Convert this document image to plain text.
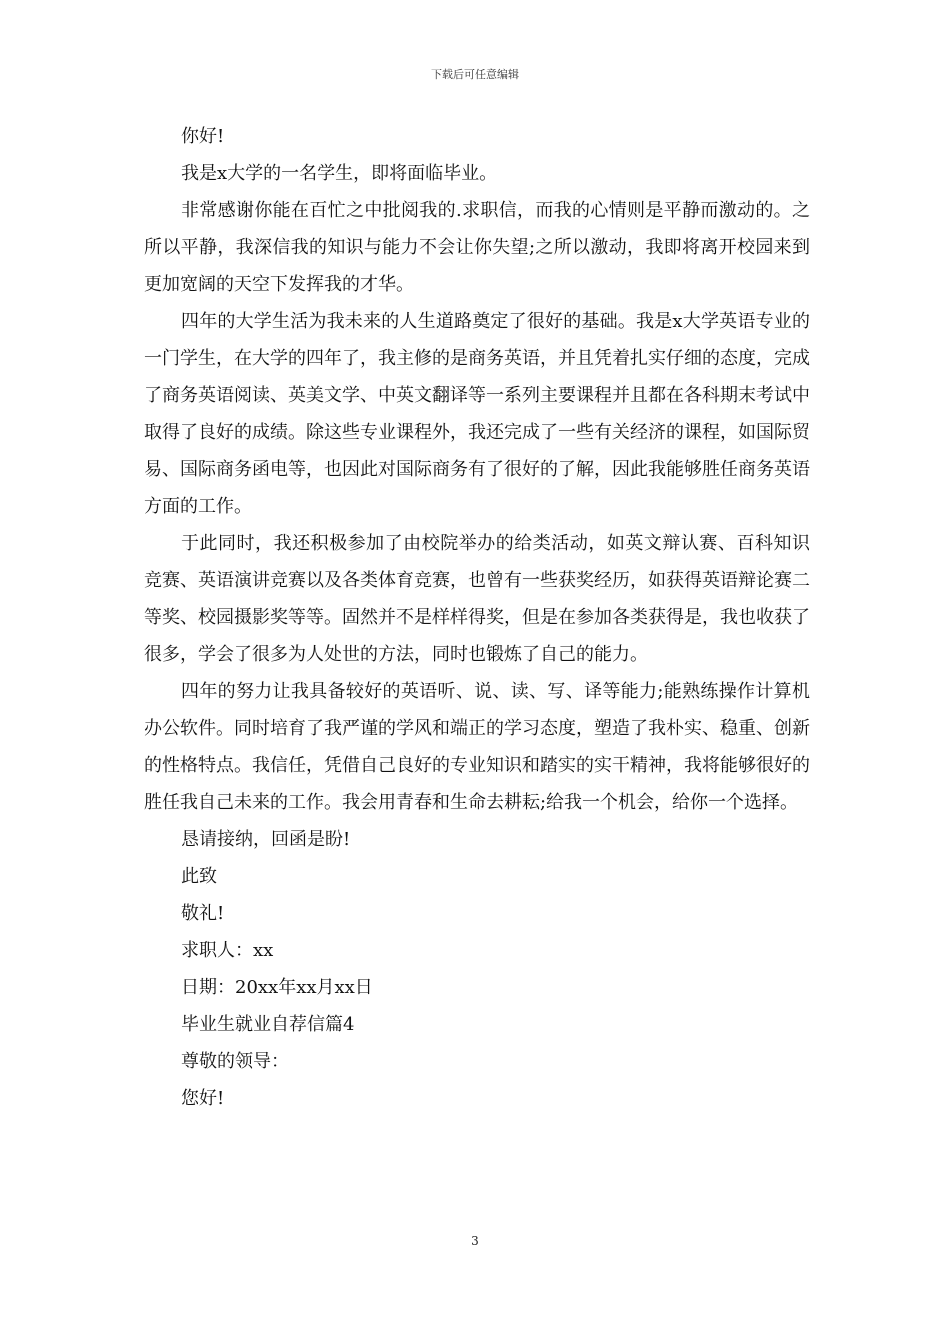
下载后可任意编辑

你好!

我是x大学的一名学生，即将面临毕业。

非常感谢你能在百忙之中批阅我的.求职信，而我的心情则是平静而激动的。之所以平静，我深信我的知识与能力不会让你失望;之所以激动，我即将离开校园来到更加宽阔的天空下发挥我的才华。

四年的大学生活为我未来的人生道路奠定了很好的基础。我是x大学英语专业的一门学生，在大学的四年了，我主修的是商务英语，并且凭着扎实仔细的态度，完成了商务英语阅读、英美文学、中英文翻译等一系列主要课程并且都在各科期末考试中取得了良好的成绩。除这些专业课程外，我还完成了一些有关经济的课程，如国际贸易、国际商务函电等，也因此对国际商务有了很好的了解，因此我能够胜任商务英语方面的工作。

于此同时，我还积极参加了由校院举办的给类活动，如英文辩认赛、百科知识竞赛、英语演讲竞赛以及各类体育竞赛，也曾有一些获奖经历，如获得英语辩论赛二等奖、校园摄影奖等等。固然并不是样样得奖，但是在参加各类获得是，我也收获了很多，学会了很多为人处世的方法，同时也锻炼了自己的能力。

四年的努力让我具备较好的英语听、说、读、写、译等能力;能熟练操作计算机办公软件。同时培育了我严谨的学风和端正的学习态度，塑造了我朴实、稳重、创新的性格特点。我信任，凭借自己良好的专业知识和踏实的实干精神，我将能够很好的胜任我自己未来的工作。我会用青春和生命去耕耘;给我一个机会，给你一个选择。

恳请接纳，回函是盼!

此致

敬礼!

求职人：xx

日期：20xx年xx月xx日

毕业生就业自荐信篇4

尊敬的领导：

您好!

3
